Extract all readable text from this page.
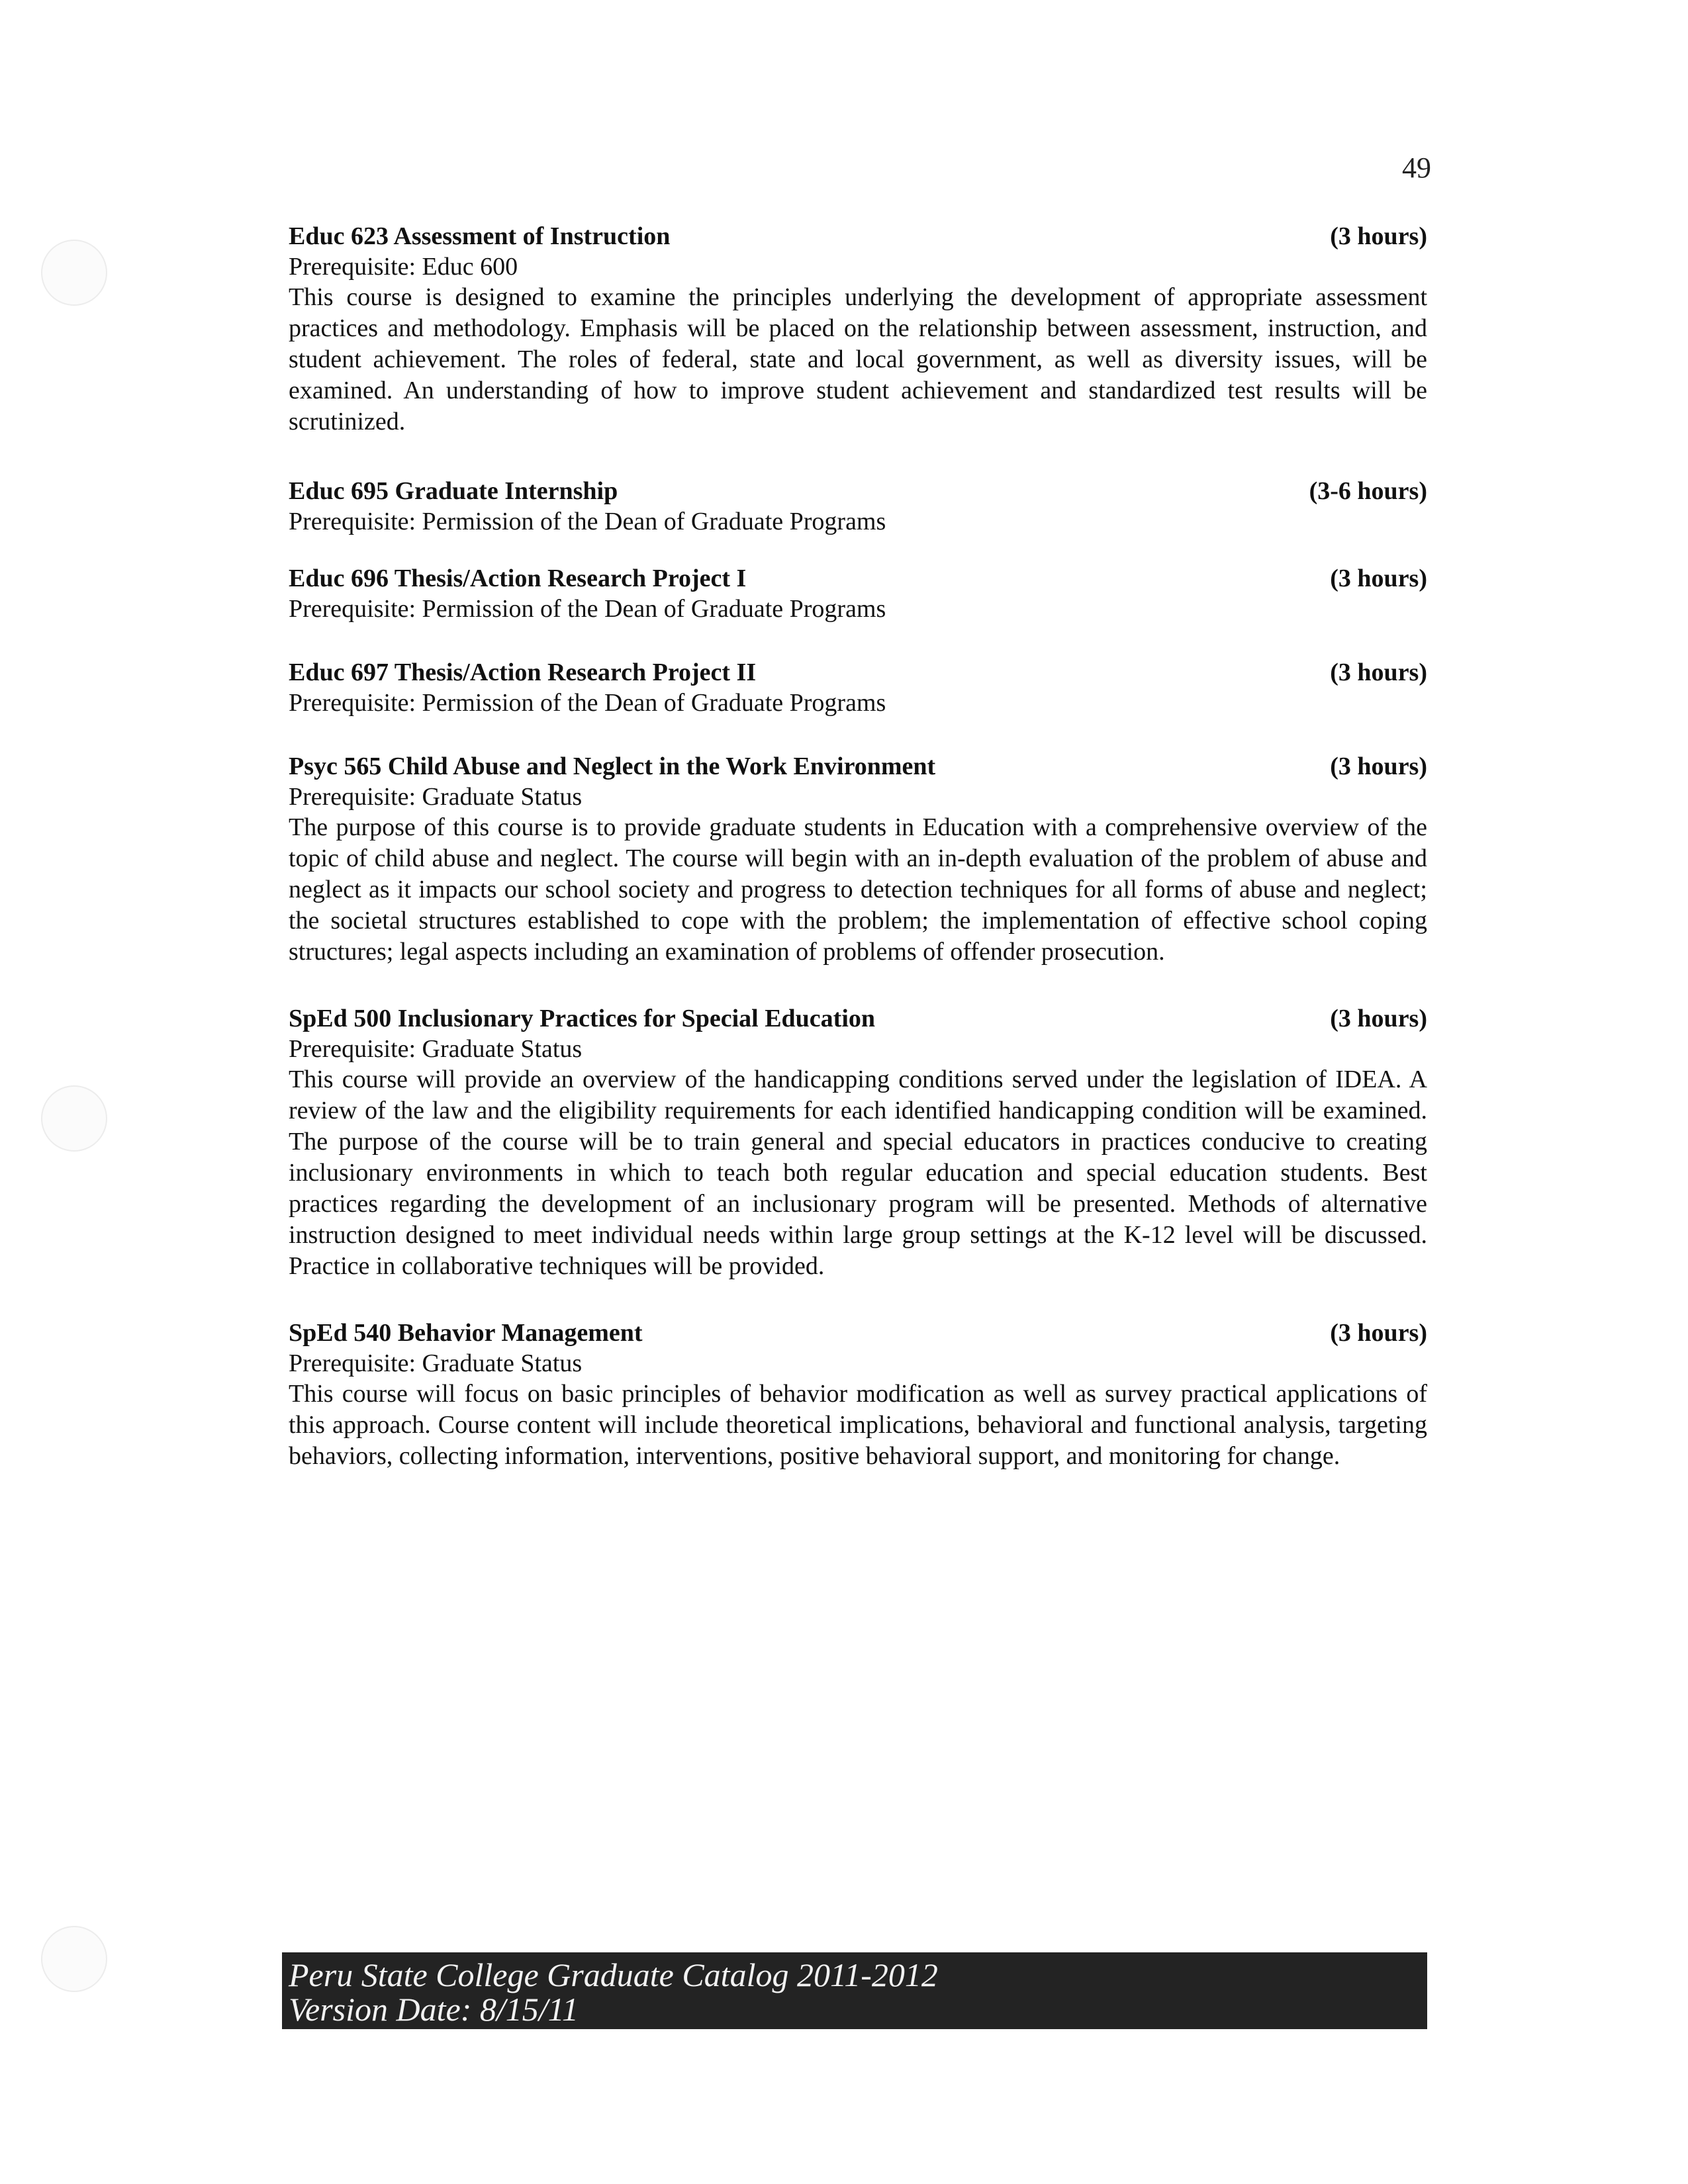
49
Educ 623 Assessment of Instruction	(3 hours)
Prerequisite: Educ 600

This course is designed to examine the principles underlying the development of appropriate assessment practices and methodology. Emphasis will be placed on the relationship between assessment, instruction, and student achievement. The roles of federal, state and local government, as well as diversity issues, will be examined. An understanding of how to improve student achievement and standardized test results will be scrutinized.

Educ 695 Graduate Internship	(3-6 hours)
Prerequisite: Permission of the Dean of Graduate Programs
Educ 696 Thesis/Action Research Project I	(3 hours)
Prerequisite: Permission of the Dean of Graduate Programs
Educ 697 Thesis/Action Research Project II	(3 hours)
Prerequisite: Permission of the Dean of Graduate Programs
Psyc 565 Child Abuse and Neglect in the Work Environment	(3 hours)
Prerequisite: Graduate Status

The purpose of this course is to provide graduate students in Education with a comprehensive overview of the topic of child abuse and neglect. The course will begin with an in-depth evaluation of the problem of abuse and neglect as it impacts our school society and progress to detection techniques for all forms of abuse and neglect; the societal structures established to cope with the problem; the implementation of effective school coping structures; legal aspects including an examination of problems of offender prosecution.

SpEd 500 Inclusionary Practices for Special Education	(3 hours)
Prerequisite: Graduate Status

This course will provide an overview of the handicapping conditions served under the legislation of IDEA. A review of the law and the eligibility requirements for each identified handicapping condition will be examined. The purpose of the course will be to train general and special educators in practices conducive to creating inclusionary environments in which to teach both regular education and special education students. Best practices regarding the development of an inclusionary program will be presented. Methods of alternative instruction designed to meet individual needs within large group settings at the K-12 level will be discussed. Practice in collaborative techniques will be provided.

SpEd 540 Behavior Management	(3 hours)
Prerequisite: Graduate Status

This course will focus on basic principles of behavior modification as well as survey practical applications of this approach. Course content will include theoretical implications, behavioral and functional analysis, targeting behaviors, collecting information, interventions, positive behavioral support, and monitoring for change.

Peru State College Graduate Catalog 2011-2012
Version Date: 8/15/11
